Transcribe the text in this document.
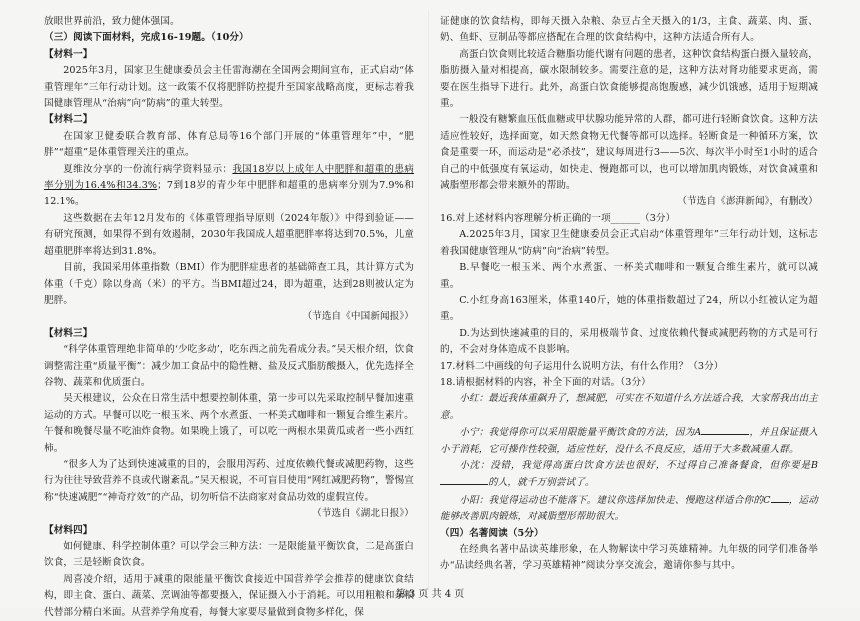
放眼世界前沿，致力健体强国。

（三）阅读下面材料，完成16-19题。（10分）

【材料一】

2025年3月，国家卫生健康委员会主任雷海潮在全国两会期间宣布，正式启动“体重管理年”三年行动计划。这一政策不仅将肥胖防控提升至国家战略高度，更标志着我国健康管理从“治病”向“防病”的重大转型。

【材料二】

在国家卫健委联合教育部、体育总局等16个部门开展的“体重管理年”中，“肥胖”“超重”是体重管理关注的重点。

夏维汝分享的一份流行病学资料显示：我国18岁以上成年人中肥胖和超重的患病率分别为16.4%和34.3%；7到18岁的青少年中肥胖和超重的患病率分别为7.9%和12.1%。

这些数据在去年12月发布的《体重管理指导原则（2024年版）》中得到验证——有研究预测，如果得不到有效遏制，2030年我国成人超重肥胖率将达到70.5%，儿童超重肥胖率将达到31.8%。

目前，我国采用体重指数（BMI）作为肥胖症患者的基础筛查工具，其计算方式为体重（千克）除以身高（米）的平方。当BMI超过24，即为超重，达到28则被认定为肥胖。

（节选自《中国新闻报》）

【材料三】

“科学体重管理绝非简单的‘少吃多动’，吃东西之前先看成分表。”吴天根介绍，饮食调整需注重“质量平衡”：减少加工食品中的隐性糖、盐及反式脂肪酸摄入，优先选择全谷物、蔬菜和优质蛋白。

吴天根建议，公众在日常生活中想要控制体重，第一步可以先采取控制早餐加速重运动的方式。早餐可以吃一根玉米、两个水煮蛋、一杯美式咖啡和一颗复合维生素片。午餐和晚餐尽量不吃油炸食物。如果晚上饿了，可以吃一两根水果黄瓜或者一些小西红柿。

“很多人为了达到快速减重的目的，会服用泻药、过度依赖代餐或减肥药物，这些行为往往导致营养不良或代谢紊乱。”吴天根说，不可盲目使用“网红减肥药物”，警惕宣称“快速减肥”“神奇疗效”的产品，切勿听信不法商家对食品功效的虚假宣传。

（节选自《湖北日报》）

【材料四】

如何健康、科学控制体重？可以学会三种方法：一是限能量平衡饮食，二是高蛋白饮食，三是轻断食饮食。

周喜凌介绍，适用于减重的限能量平衡饮食接近中国营养学会推荐的健康饮食结构，即主食、蛋白、蔬菜、烹调油等都要摄入，保证摄入小于消耗。可以用粗粮和杂粮代替部分精白米面。从营养学角度看，每餐大家要尽量做到食物多样化，保

证健康的饮食结构，即每天摄入杂粮、杂豆占全天摄入的1/3，主食、蔬菜、肉、蛋、奶、鱼虾、豆制品等都应搭配在合理的饮食结构中，这种方法适合所有人。

高蛋白饮食则比较适合糖脂功能代谢有问题的患者，这种饮食结构蛋白摄入量较高，脂肪摄入量对相提高，碳水限制较多。需要注意的是，这种方法对肾功能要求更高，需要在医生指导下进行。此外，高蛋白饮食能够提高饱腹感，减少饥饿感，适用于短期减重。

一般没有糖繁血压低血糖或甲状腺功能异常的人群，都可进行轻断食饮食。这种方法适应性较好，选择面宽，如天然食物无代餐等都可以选择。轻断食是一种循环方案，饮食是重要一环，而运动是“必杀技”，建议每周进行3——5次、每次半小时至1小时的适合自己的中低强度有氧运动，如快走、慢跑都可以，也可以增加肌肉锻炼，对饮食减重和减脂塑形都会带来额外的帮助。

（节选自《澎湃新闻》，有删改）

16.对上述材料内容理解分析正确的一项______（3分）

A.2025年3月，国家卫生健康委员会正式启动“体重管理年”三年行动计划，这标志着我国健康管理从“防病”向“治病”转型。

B.早餐吃一根玉米、两个水煮蛋、一杯美式咖啡和一颗复合维生素片，就可以减重。

C.小红身高163厘米，体重140斤，她的体重指数超过了24，所以小红被认定为超重。

D.为达到快速减重的目的，采用极端节食、过度依赖代餐或减肥药物的方式是可行的，不会对身体造成不良影响。

17.材料二中画线的句子运用什么说明方法，有什么作用？（3分）

18.请根据材料的内容，补全下面的对话。（3分）

小红：最近我体重飙升了，想减肥，可实在不知道什么方法适合我，大家帮我出出主意。

小宁：我觉得你可以采用限能量平衡饮食的方法，因为A	，并且保证摄入小于消耗，它可操作性较强，适应性好，没什么不良反应，适用于大多数减重人群。

小沈：没错，我觉得高蛋白饮食方法也很好，不过得自己准备餐食，但你要是B的人，就千万别尝试了。

小阳：我觉得运动也不能落下。建议你选择加快走、慢跑这样适合你的C ，运动能够改善肌肉锻炼，对减脂塑形帮助很大。

（四）名著阅读（5分）

在经典名著中品读英雄形象，在人物解读中学习英雄精神。九年级的同学们准备举办“品读经典名著，学习英雄精神”阅读分享交流会，邀请你参与其中。

第 3 页 共 4 页
